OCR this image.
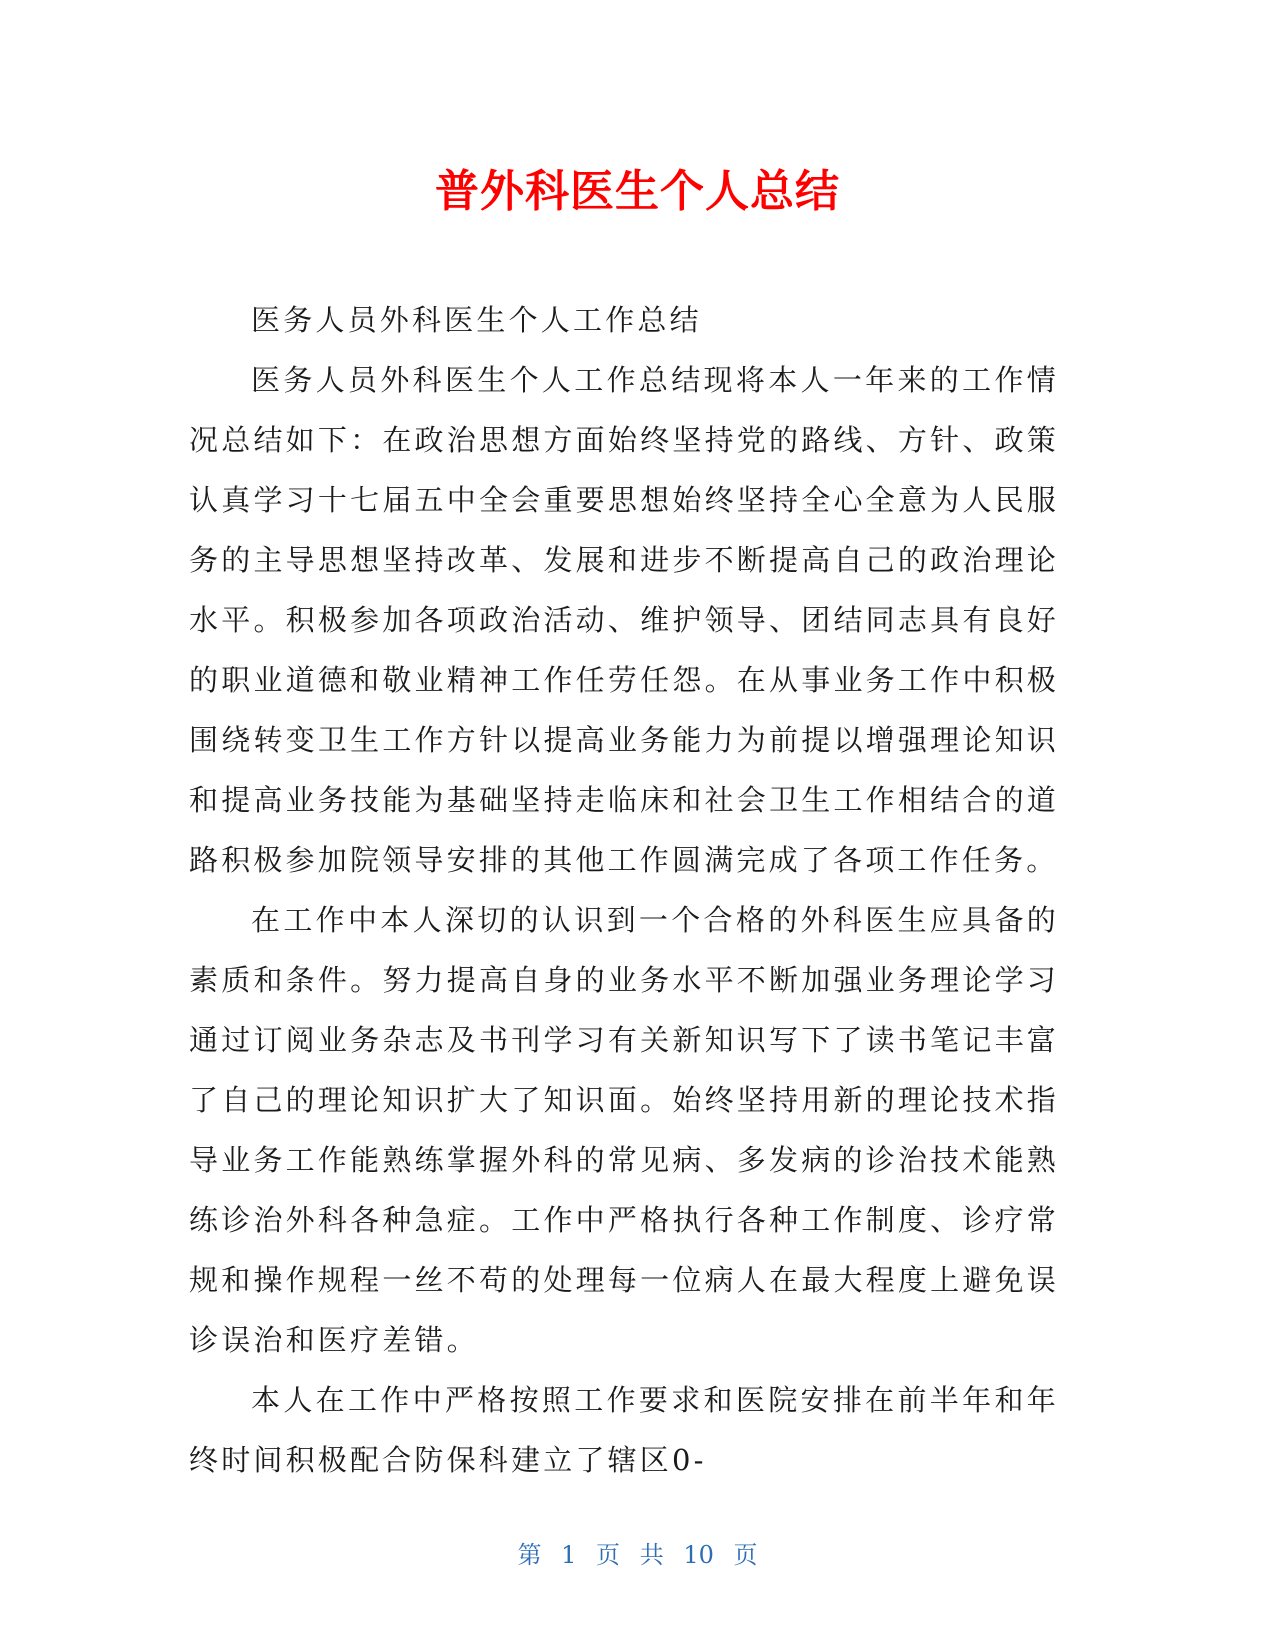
普外科医生个人总结

医务人员外科医生个人工作总结

医务人员外科医生个人工作总结现将本人一年来的工作情况总结如下：在政治思想方面始终坚持党的路线、方针、政策认真学习十七届五中全会重要思想始终坚持全心全意为人民服务的主导思想坚持改革、发展和进步不断提高自己的政治理论水平。积极参加各项政治活动、维护领导、团结同志具有良好的职业道德和敬业精神工作任劳任怨。在从事业务工作中积极围绕转变卫生工作方针以提高业务能力为前提以增强理论知识和提高业务技能为基础坚持走临床和社会卫生工作相结合的道路积极参加院领导安排的其他工作圆满完成了各项工作任务。

在工作中本人深切的认识到一个合格的外科医生应具备的素质和条件。努力提高自身的业务水平不断加强业务理论学习通过订阅业务杂志及书刊学习有关新知识写下了读书笔记丰富了自己的理论知识扩大了知识面。始终坚持用新的理论技术指导业务工作能熟练掌握外科的常见病、多发病的诊治技术能熟练诊治外科各种急症。工作中严格执行各种工作制度、诊疗常规和操作规程一丝不苟的处理每一位病人在最大程度上避免误诊误治和医疗差错。

本人在工作中严格按照工作要求和医院安排在前半年和年终时间积极配合防保科建立了辖区0-

第 1 页 共 10 页
